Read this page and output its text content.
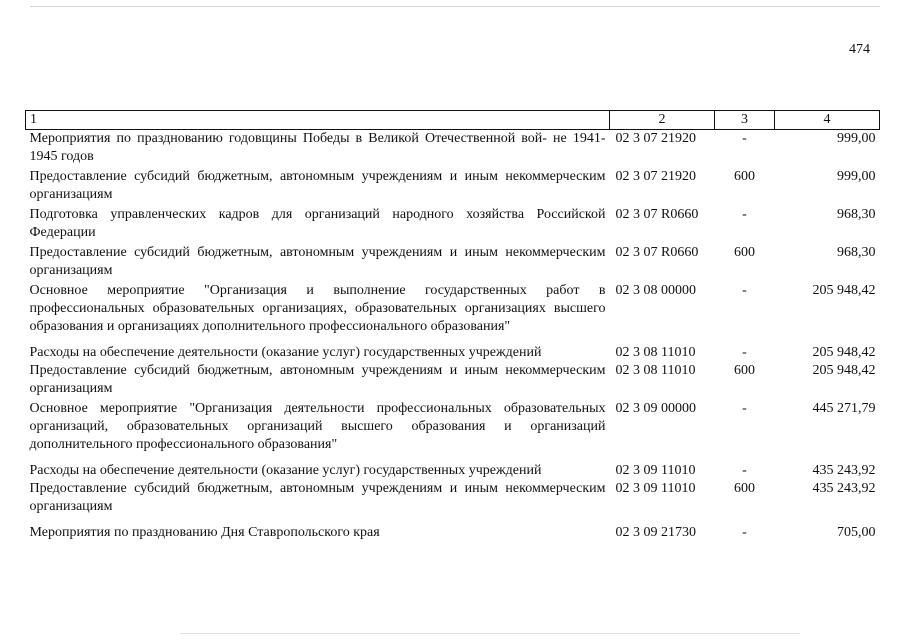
474
1	2	3	4
Мероприятия по празднованию годовщины Победы в Великой Отечественной вой- не 1941-1945 годов	02 3 07 21920	-	999,00
Предоставление субсидий бюджетным, автономным учреждениям и иным некоммерческим организациям	02 3 07 21920	600	999,00
Подготовка управленческих кадров для организаций народного хозяйства Российской Федерации	02 3 07 R0660	-	968,30
Предоставление субсидий бюджетным, автономным учреждениям и иным некоммерческим организациям	02 3 07 R0660	600	968,30
Основное мероприятие "Организация и выполнение государственных работ в профессиональных образовательных организациях, образовательных организациях высшего образования и организациях дополнительного профессионального образования"	02 3 08 00000	-	205 948,42
Расходы на обеспечение деятельности (оказание услуг) государственных учреждений	02 3 08 11010	-	205 948,42
Предоставление субсидий бюджетным, автономным учреждениям и иным некоммерческим организациям	02 3 08 11010	600	205 948,42
Основное мероприятие "Организация деятельности профессиональных образовательных организаций, образовательных организаций высшего образования и организаций дополнительного профессионального образования"	02 3 09 00000	-	445 271,79
Расходы на обеспечение деятельности (оказание услуг) государственных учреждений	02 3 09 11010	-	435 243,92
Предоставление субсидий бюджетным, автономным учреждениям и иным некоммерческим организациям	02 3 09 11010	600	435 243,92
Мероприятия по празднованию Дня Ставропольского края	02 3 09 21730	-	705,00
